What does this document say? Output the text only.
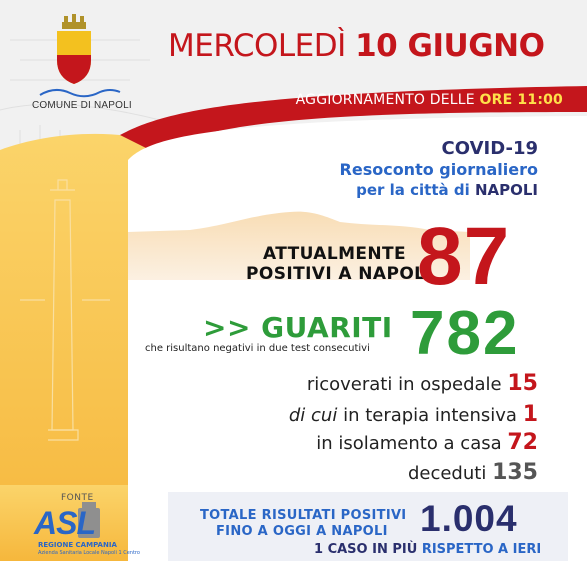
MERCOLEDÌ 10 GIUGNO
AGGIORNAMENTO DELLE ORE 11:00
COMUNE DI NAPOLI
COVID-19
Resoconto giornaliero
per la città di NAPOLI
ATTUALMENTE
POSITIVI A NAPOLI
87
>> GUARITI
che risultano negativi in due test consecutivi 782
ricoverati in ospedale 15
di cui in terapia intensiva 1
in isolamento a casa 72
deceduti 135
TOTALE RISULTATI POSITIVI
FINO A OGGI A NAPOLI 1.004
1 CASO IN PIÙ RISPETTO A IERI
FONTE
ASL
REGIONE CAMPANIA
Azienda Sanitaria Locale Napoli 1 Centro
